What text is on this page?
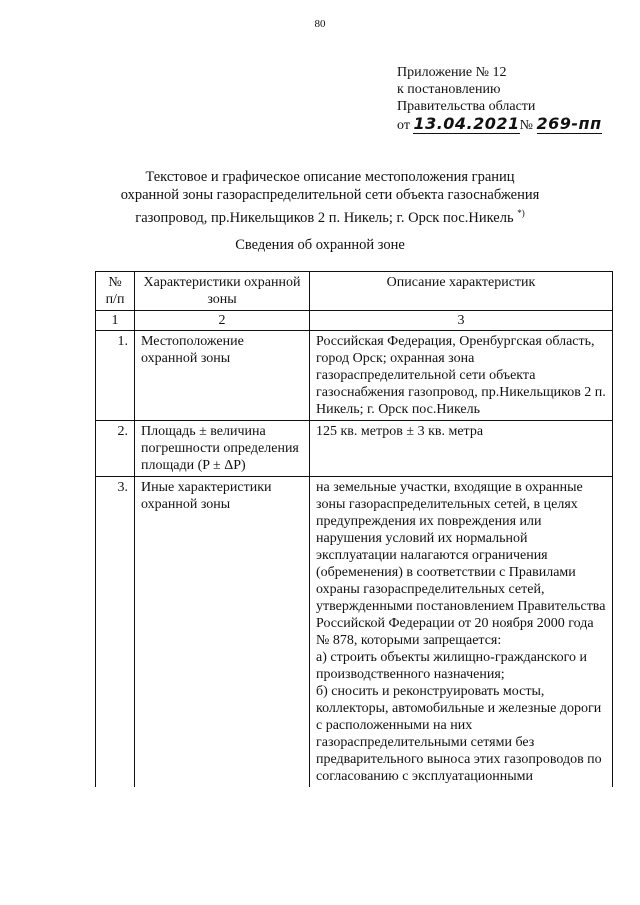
80
Приложение № 12
к постановлению
Правительства области
от 13.04.2021№ 269-пп
Текстовое и графическое описание местоположения границ
охранной зоны газораспределительной сети объекта газоснабжения
газопровод, пр.Никельщиков 2 п. Никель; г. Орск пос.Никель *)
Сведения об охранной зоне
№ п/п	Характеристики охранной зоны	Описание характеристик
1	2	3
1.	Местоположение охранной зоны	Российская Федерация, Оренбургская область, город Орск; охранная зона газораспределительной сети объекта газоснабжения газопровод, пр.Никельщиков 2 п. Никель; г. Орск пос.Никель
2.	Площадь ± величина погрешности определения площади (P ± ΔP)	125 кв. метров ± 3 кв. метра
3.	Иные характеристики охранной зоны	на земельные участки, входящие в охранные зоны газораспределительных сетей, в целях предупреждения их повреждения или нарушения условий их нормальной эксплуатации налагаются ограничения (обременения) в соответствии с Правилами охраны газораспределительных сетей, утвержденными постановлением Правительства Российской Федерации от 20 ноября 2000 года № 878, которыми запрещается:
а) строить объекты жилищно-гражданского и производственного назначения;
б) сносить и реконструировать мосты, коллекторы, автомобильные и железные дороги с расположенными на них газораспределительными сетями без предварительного выноса этих газопроводов по согласованию с эксплуатационными
